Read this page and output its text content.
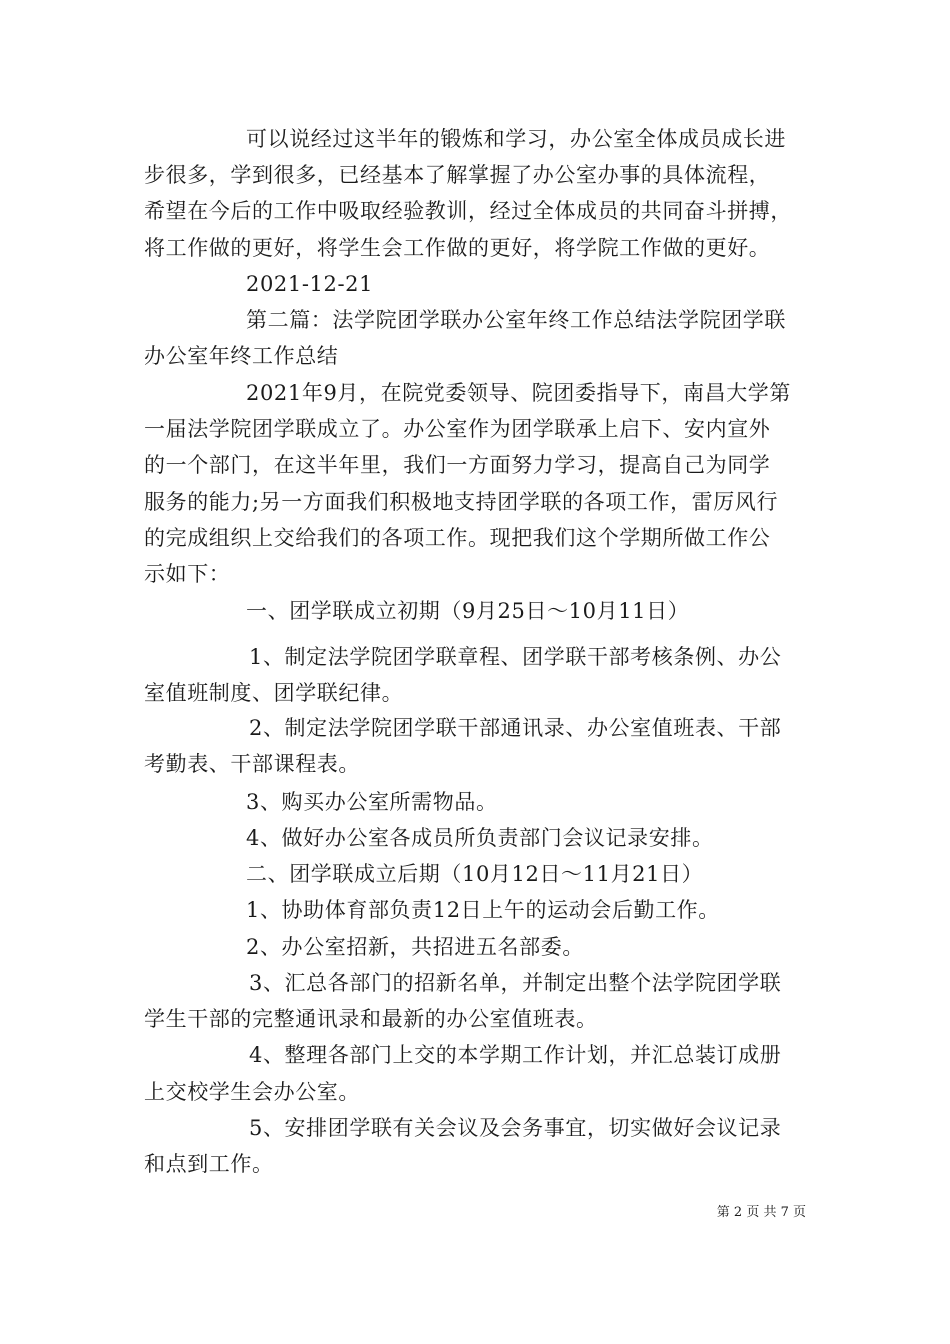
可以说经过这半年的锻炼和学习，办公室全体成员成长进
步很多，学到很多，已经基本了解掌握了办公室办事的具体流程，
希望在今后的工作中吸取经验教训，经过全体成员的共同奋斗拼搏，
将工作做的更好，将学生会工作做的更好，将学院工作做的更好。
2021-12-21
第二篇：法学院团学联办公室年终工作总结法学院团学联
办公室年终工作总结
2021年9月，在院党委领导、院团委指导下，南昌大学第
一届法学院团学联成立了。办公室作为团学联承上启下、安内宣外
的一个部门，在这半年里，我们一方面努力学习，提高自己为同学
服务的能力;另一方面我们积极地支持团学联的各项工作，雷厉风行
的完成组织上交给我们的各项工作。现把我们这个学期所做工作公
示如下：
一、团学联成立初期（9月25日～10月11日）
1、制定法学院团学联章程、团学联干部考核条例、办公
室值班制度、团学联纪律。
2、制定法学院团学联干部通讯录、办公室值班表、干部
考勤表、干部课程表。
3、购买办公室所需物品。
4、做好办公室各成员所负责部门会议记录安排。
二、团学联成立后期（10月12日～11月21日）
1、协助体育部负责12日上午的运动会后勤工作。
2、办公室招新，共招进五名部委。
3、汇总各部门的招新名单，并制定出整个法学院团学联
学生干部的完整通讯录和最新的办公室值班表。
4、整理各部门上交的本学期工作计划，并汇总装订成册
上交校学生会办公室。
5、安排团学联有关会议及会务事宜，切实做好会议记录
和点到工作。
第 2 页 共 7 页
